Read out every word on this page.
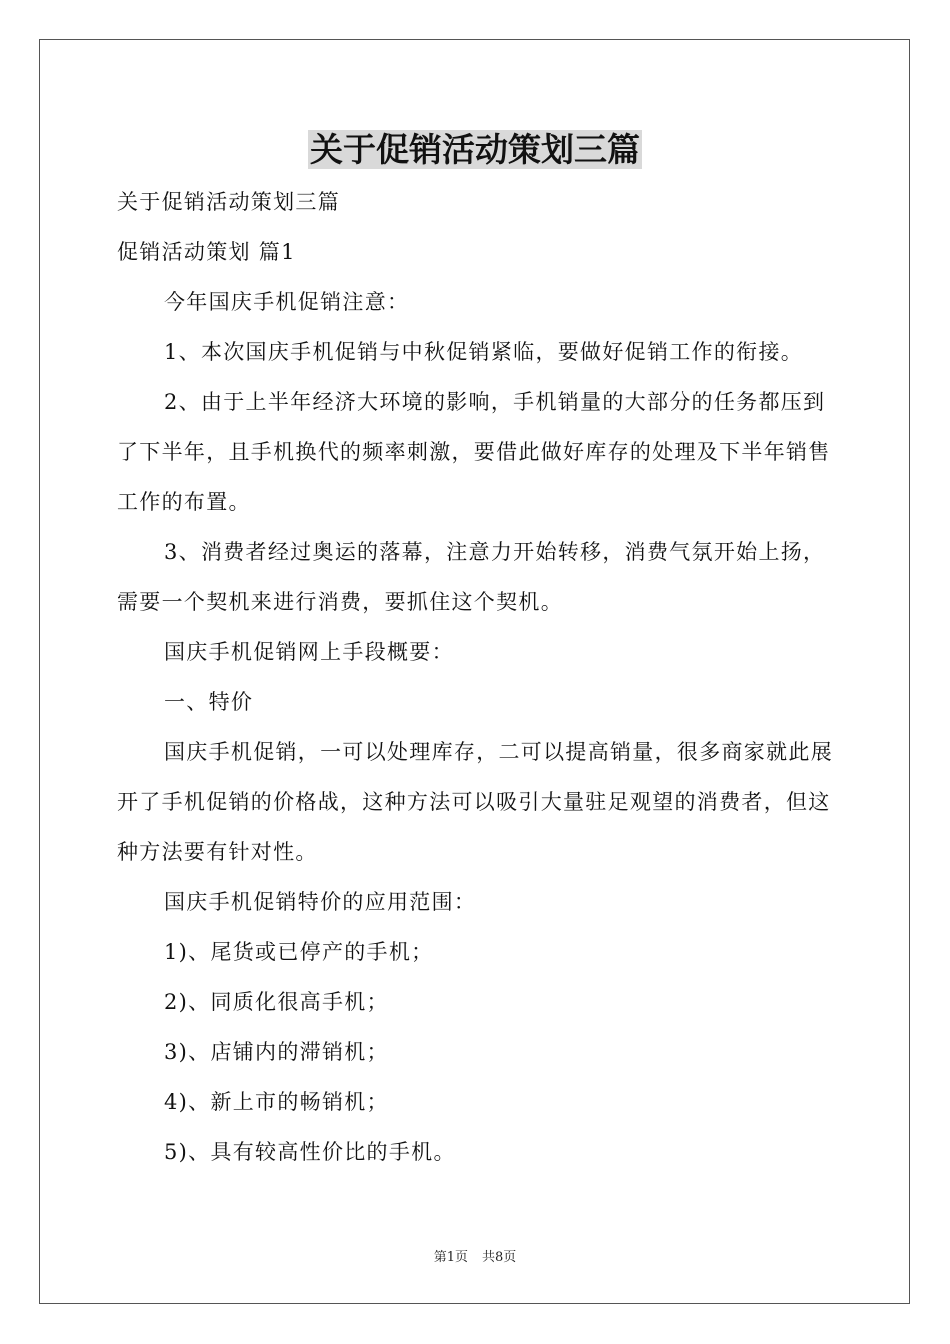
关于促销活动策划三篇

关于促销活动策划三篇

促销活动策划 篇1

今年国庆手机促销注意：

1、本次国庆手机促销与中秋促销紧临，要做好促销工作的衔接。

2、由于上半年经济大环境的影响，手机销量的大部分的任务都压到了下半年，且手机换代的频率刺激，要借此做好库存的处理及下半年销售工作的布置。

3、消费者经过奥运的落幕，注意力开始转移，消费气氛开始上扬，需要一个契机来进行消费，要抓住这个契机。

国庆手机促销网上手段概要：

一、特价

国庆手机促销，一可以处理库存，二可以提高销量，很多商家就此展开了手机促销的价格战，这种方法可以吸引大量驻足观望的消费者，但这种方法要有针对性。

国庆手机促销特价的应用范围：

1)、尾货或已停产的手机；

2)、同质化很高手机；

3)、店铺内的滞销机；

4)、新上市的畅销机；

5)、具有较高性价比的手机。

第1页 共8页
